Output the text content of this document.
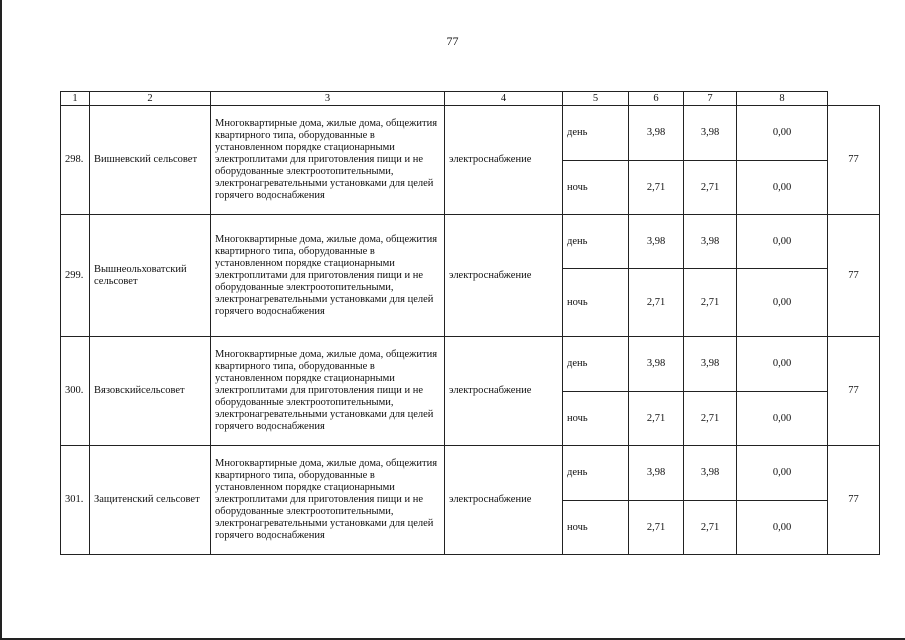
77
1	2	3	4	5	6	7	8	
298.	Вишневский сельсовет	Многоквартирные дома, жилые дома, общежития квартирного типа, оборудованные в установленном порядке стационарными электроплитами для приготовления пищи и не оборудованные электроотопительными, электронагревательными установками для целей горячего водоснабжения	электроснабжение	день	3,98	3,98	0,00	77
				ночь	2,71	2,71	0,00	
299.	Вышнеольховатский сельсовет	Многоквартирные дома, жилые дома, общежития квартирного типа, оборудованные в установленном порядке стационарными электроплитами для приготовления пищи и не оборудованные электроотопительными, электронагревательными установками для целей горячего водоснабжения	электроснабжение	день	3,98	3,98	0,00	77
				ночь	2,71	2,71	0,00	
300.	Вязовскийсельсовет	Многоквартирные дома, жилые дома, общежития квартирного типа, оборудованные в установленном порядке стационарными электроплитами для приготовления пищи и не оборудованные электроотопительными, электронагревательными установками для целей горячего водоснабжения	электроснабжение	день	3,98	3,98	0,00	77
				ночь	2,71	2,71	0,00	
301.	Защитенский сельсовет	Многоквартирные дома, жилые дома, общежития квартирного типа, оборудованные в установленном порядке стационарными электроплитами для приготовления пищи и не оборудованные электроотопительными, электронагревательными установками для целей горячего водоснабжения	электроснабжение	день	3,98	3,98	0,00	77
				ночь	2,71	2,71	0,00	
